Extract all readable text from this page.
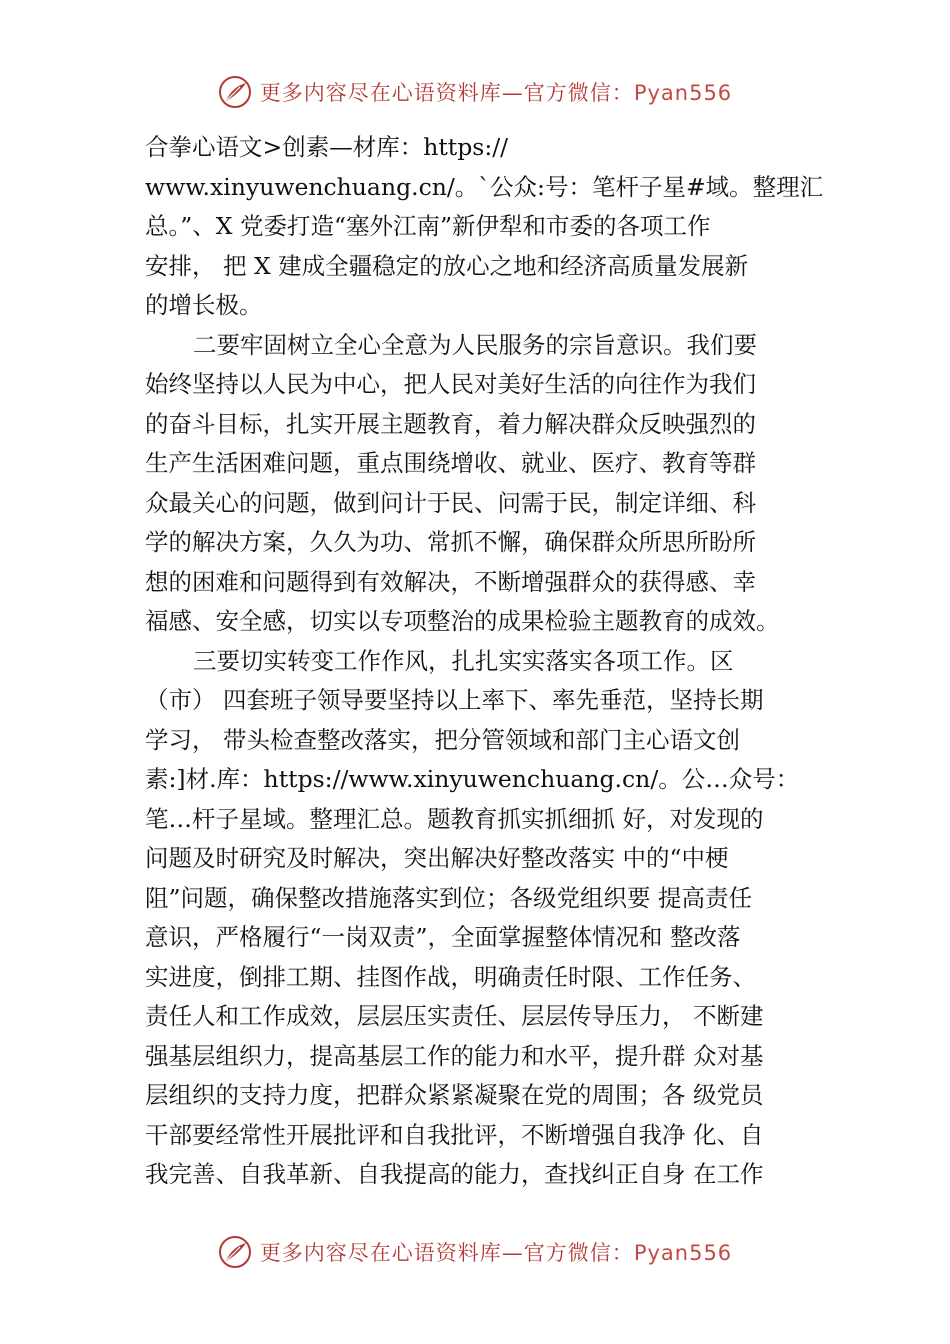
更多内容尽在心语资料库—官方微信：Pyan556
合拳心语文>创素—材库：https://
www.xinyuwenchuang.cn/。`公众:号：笔杆子星#域。整理汇
总。”、X 党委打造“塞外江南”新伊犁和市委的各项工作
安排， 把 X 建成全疆稳定的放心之地和经济高质量发展新
的增长极。
二要牢固树立全心全意为人民服务的宗旨意识。我们要
始终坚持以人民为中心，把人民对美好生活的向往作为我们
的奋斗目标，扎实开展主题教育，着力解决群众反映强烈的
生产生活困难问题，重点围绕增收、就业、医疗、教育等群
众最关心的问题，做到问计于民、问需于民，制定详细、科
学的解决方案，久久为功、常抓不懈，确保群众所思所盼所
想的困难和问题得到有效解决，不断增强群众的获得感、幸
福感、安全感，切实以专项整治的成果检验主题教育的成效。
三要切实转变工作作风，扎扎实实落实各项工作。区
（市） 四套班子领导要坚持以上率下、率先垂范，坚持长期
学习， 带头检查整改落实，把分管领域和部门主心语文创
素:]材.库：https://www.xinyuwenchuang.cn/。公…众号：
笔…杆子星域。整理汇总。题教育抓实抓细抓 好，对发现的
问题及时研究及时解决，突出解决好整改落实 中的“中梗
阻”问题，确保整改措施落实到位；各级党组织要 提高责任
意识，严格履行“一岗双责”，全面掌握整体情况和 整改落
实进度，倒排工期、挂图作战，明确责任时限、工作任务、
责任人和工作成效，层层压实责任、层层传导压力， 不断建
强基层组织力，提高基层工作的能力和水平，提升群 众对基
层组织的支持力度，把群众紧紧凝聚在党的周围；各 级党员
干部要经常性开展批评和自我批评，不断增强自我净 化、自
我完善、自我革新、自我提高的能力，查找纠正自身 在工作
更多内容尽在心语资料库—官方微信：Pyan556
